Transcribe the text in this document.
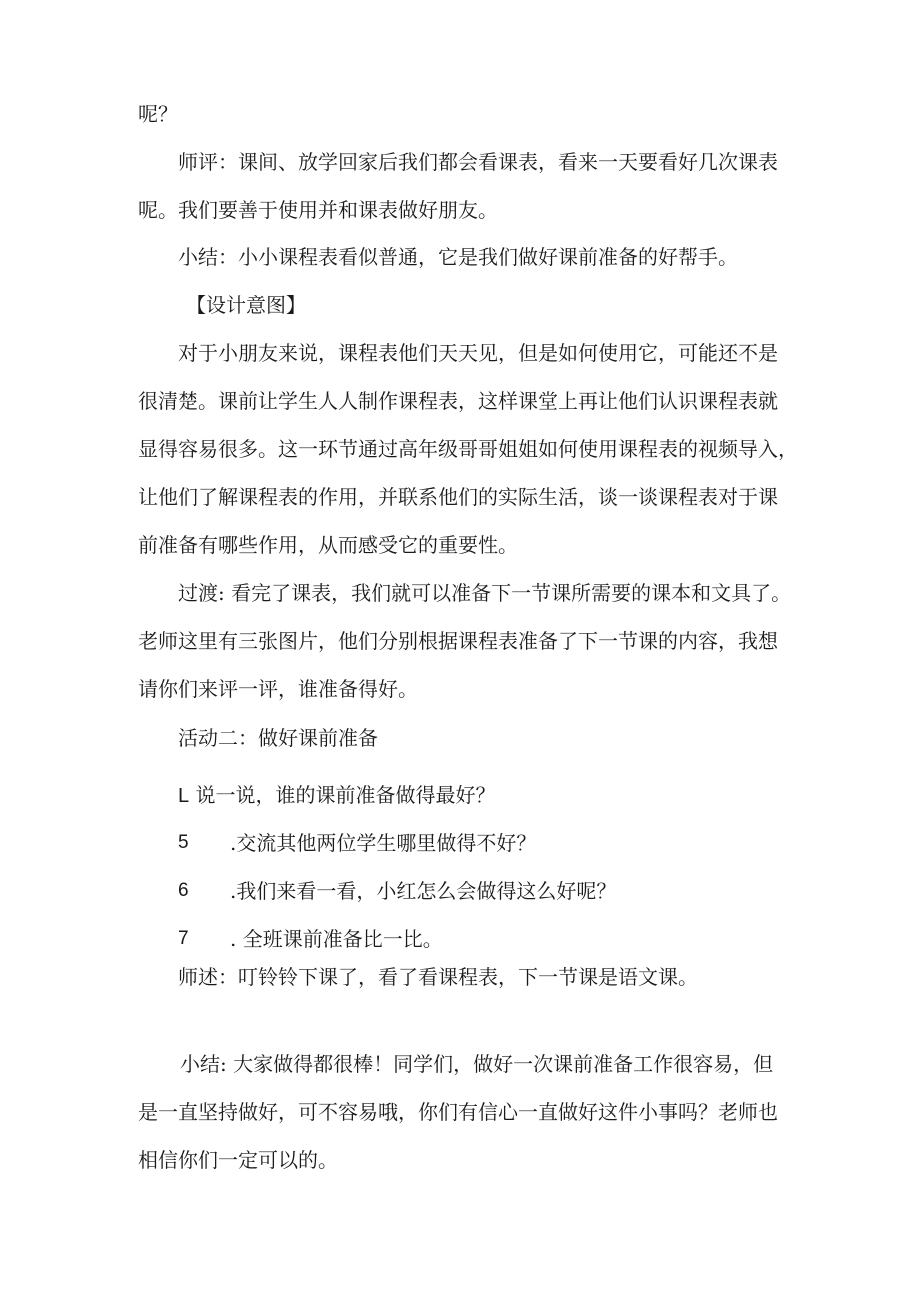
呢？
师评：课间、放学回家后我们都会看课表，看来一天要看好几次课表
呢。我们要善于使用并和课表做好朋友。
小结：小小课程表看似普通，它是我们做好课前准备的好帮手。
【设计意图】
对于小朋友来说，课程表他们天天见，但是如何使用它，可能还不是
很清楚。课前让学生人人制作课程表，这样课堂上再让他们认识课程表就
显得容易很多。这一环节通过高年级哥哥姐姐如何使用课程表的视频导入，
让他们了解课程表的作用，并联系他们的实际生活，谈一谈课程表对于课
前准备有哪些作用，从而感受它的重要性。
过渡: 看完了课表，我们就可以准备下一节课所需要的课本和文具了。
老师这里有三张图片，他们分别根据课程表准备了下一节课的内容，我想
请你们来评一评，谁准备得好。
活动二：做好课前准备
L 说一说，谁的课前准备做得最好？
5 .交流其他两位学生哪里做得不好？
6 .我们来看一看，小红怎么会做得这么好呢？
7 . 全班课前准备比一比。
师述：叮铃铃下课了，看了看课程表，下一节课是语文课。
小结: 大家做得都很棒！同学们，做好一次课前准备工作很容易，但
是一直坚持做好，可不容易哦，你们有信心一直做好这件小事吗？老师也
相信你们一定可以的。
